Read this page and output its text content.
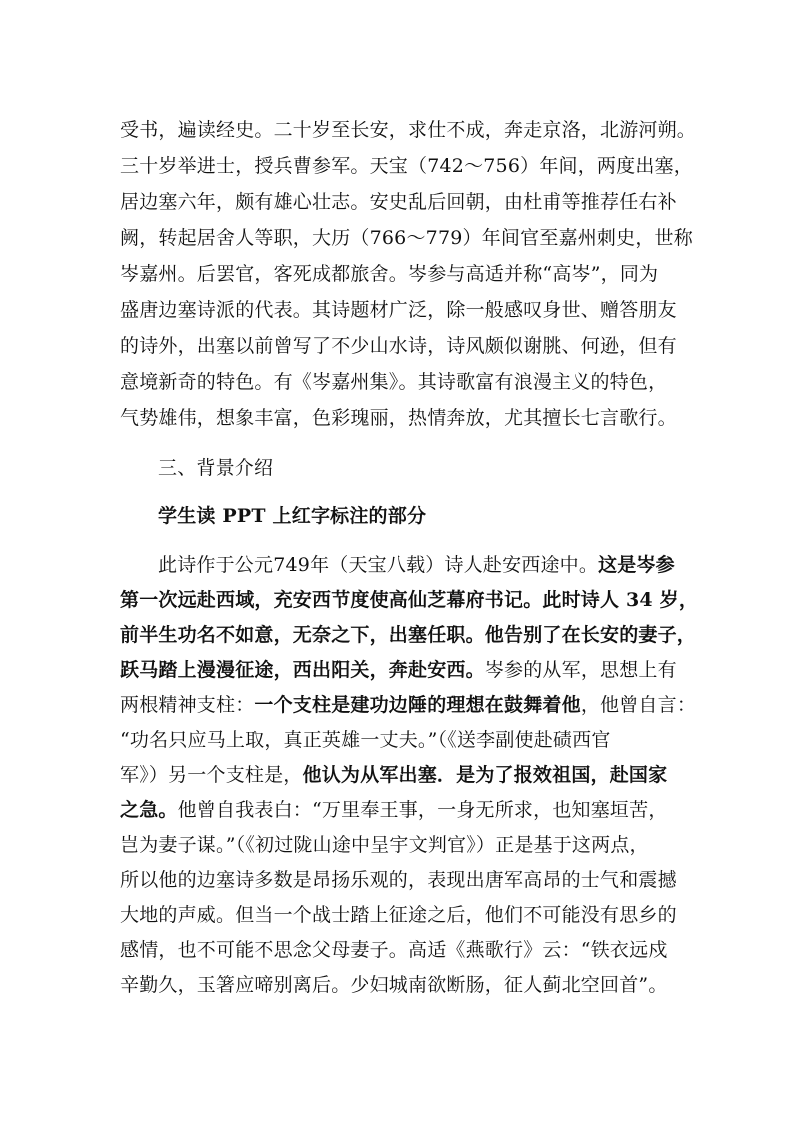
受书，遍读经史。二十岁至长安，求仕不成，奔走京洛，北游河朔。
三十岁举进士，授兵曹参军。天宝（742～756）年间，两度出塞，
居边塞六年，颇有雄心壮志。安史乱后回朝，由杜甫等推荐任右补
阙，转起居舍人等职，大历（766～779）年间官至嘉州刺史，世称
岑嘉州。后罢官，客死成都旅舍。岑参与高适并称“高岑”，同为
盛唐边塞诗派的代表。其诗题材广泛，除一般感叹身世、赠答朋友
的诗外，出塞以前曾写了不少山水诗，诗风颇似谢朓、何逊，但有
意境新奇的特色。有《岑嘉州集》。其诗歌富有浪漫主义的特色，
气势雄伟，想象丰富，色彩瑰丽，热情奔放，尤其擅长七言歌行。
三、背景介绍
学生读 PPT 上红字标注的部分
此诗作于公元749年（天宝八载）诗人赴安西途中。这是岑参
第一次远赴西域，充安西节度使高仙芝幕府书记。此时诗人 34 岁，
前半生功名不如意，无奈之下，出塞任职。他告别了在长安的妻子，
跃马踏上漫漫征途，西出阳关，奔赴安西。岑参的从军，思想上有
两根精神支柱：一个支柱是建功边陲的理想在鼓舞着他，他曾自言：
“功名只应马上取，真正英雄一丈夫。”（《送李副使赴碛西官
军》）另一个支柱是，他认为从军出塞．是为了报效祖国，赴国家
之急。他曾自我表白：“万里奉王事，一身无所求，也知塞垣苦，
岂为妻子谋。”（《初过陇山途中呈宇文判官》）正是基于这两点，
所以他的边塞诗多数是昂扬乐观的，表现出唐军高昂的士气和震撼
大地的声威。但当一个战士踏上征途之后，他们不可能没有思乡的
感情，也不可能不思念父母妻子。高适《燕歌行》云：“铁衣远戍
辛勤久，玉箸应啼别离后。少妇城南欲断肠，征人蓟北空回首”。
